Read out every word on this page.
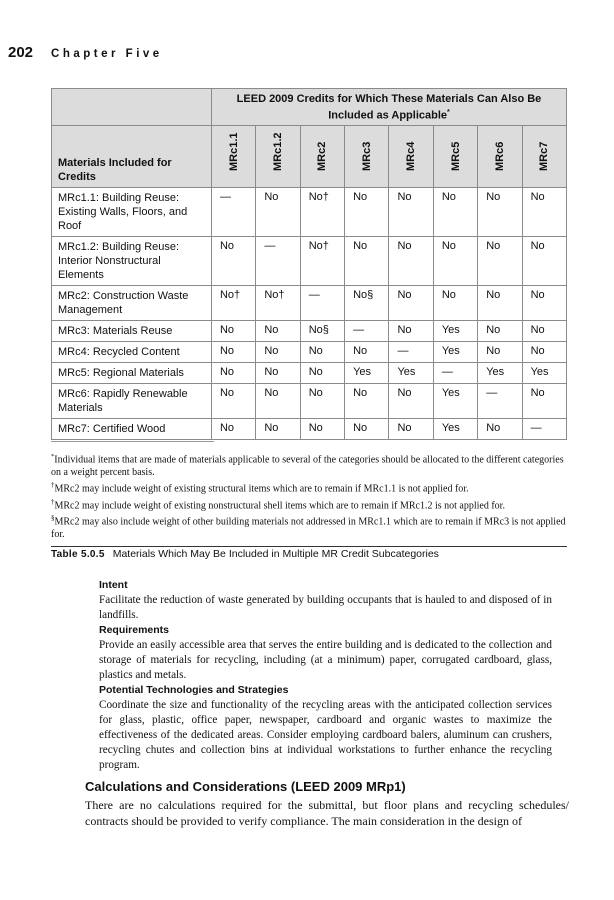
202 Chapter Five
	LEED 2009 Credits for Which These Materials Can Also Be Included as Applicable*
Materials Included for Credits	MRc1.1	MRc1.2	MRc2	MRc3	MRc4	MRc5	MRc6	MRc7

MRc1.1: Building Reuse: Existing Walls, Floors, and Roof	—	No	No†	No	No	No	No	No
MRc1.2: Building Reuse: Interior Nonstructural Elements	No	—	No†	No	No	No	No	No
MRc2: Construction Waste Management	No†	No†	—	No§	No	No	No	No
MRc3: Materials Reuse	No	No	No§	—	No	Yes	No	No
MRc4: Recycled Content	No	No	No	No	—	Yes	No	No
MRc5: Regional Materials	No	No	No	Yes	Yes	—	Yes	Yes
MRc6: Rapidly Renewable Materials	No	No	No	No	No	Yes	—	No
MRc7: Certified Wood	No	No	No	No	No	Yes	No	—

*Individual items that are made of materials applicable to several of the categories should be allocated to the different categories on a weight percent basis.

†MRc2 may include weight of existing structural items which are to remain if MRc1.1 is not applied for.

†MRc2 may include weight of existing nonstructural shell items which are to remain if MRc1.2 is not applied for.

§MRc2 may also include weight of other building materials not addressed in MRc1.1 which are to remain if MRc3 is not applied for.

Table 5.0.5 Materials Which May Be Included in Multiple MR Credit Subcategories

Intent

Facilitate the reduction of waste generated by building occupants that is hauled to and disposed of in landfills.

Requirements

Provide an easily accessible area that serves the entire building and is dedicated to the collection and storage of materials for recycling, including (at a minimum) paper, corrugated cardboard, glass, plastics and metals.

Potential Technologies and Strategies

Coordinate the size and functionality of the recycling areas with the anticipated collection services for glass, plastic, office paper, newspaper, cardboard and organic wastes to maximize the effectiveness of the dedicated areas. Consider employing cardboard balers, aluminum can crushers, recycling chutes and collection bins at individual workstations to further enhance the recycling program.

Calculations and Considerations (LEED 2009 MRp1)
There are no calculations required for the submittal, but floor plans and recycling schedules/ contracts should be provided to verify compliance. The main consideration in the design of
